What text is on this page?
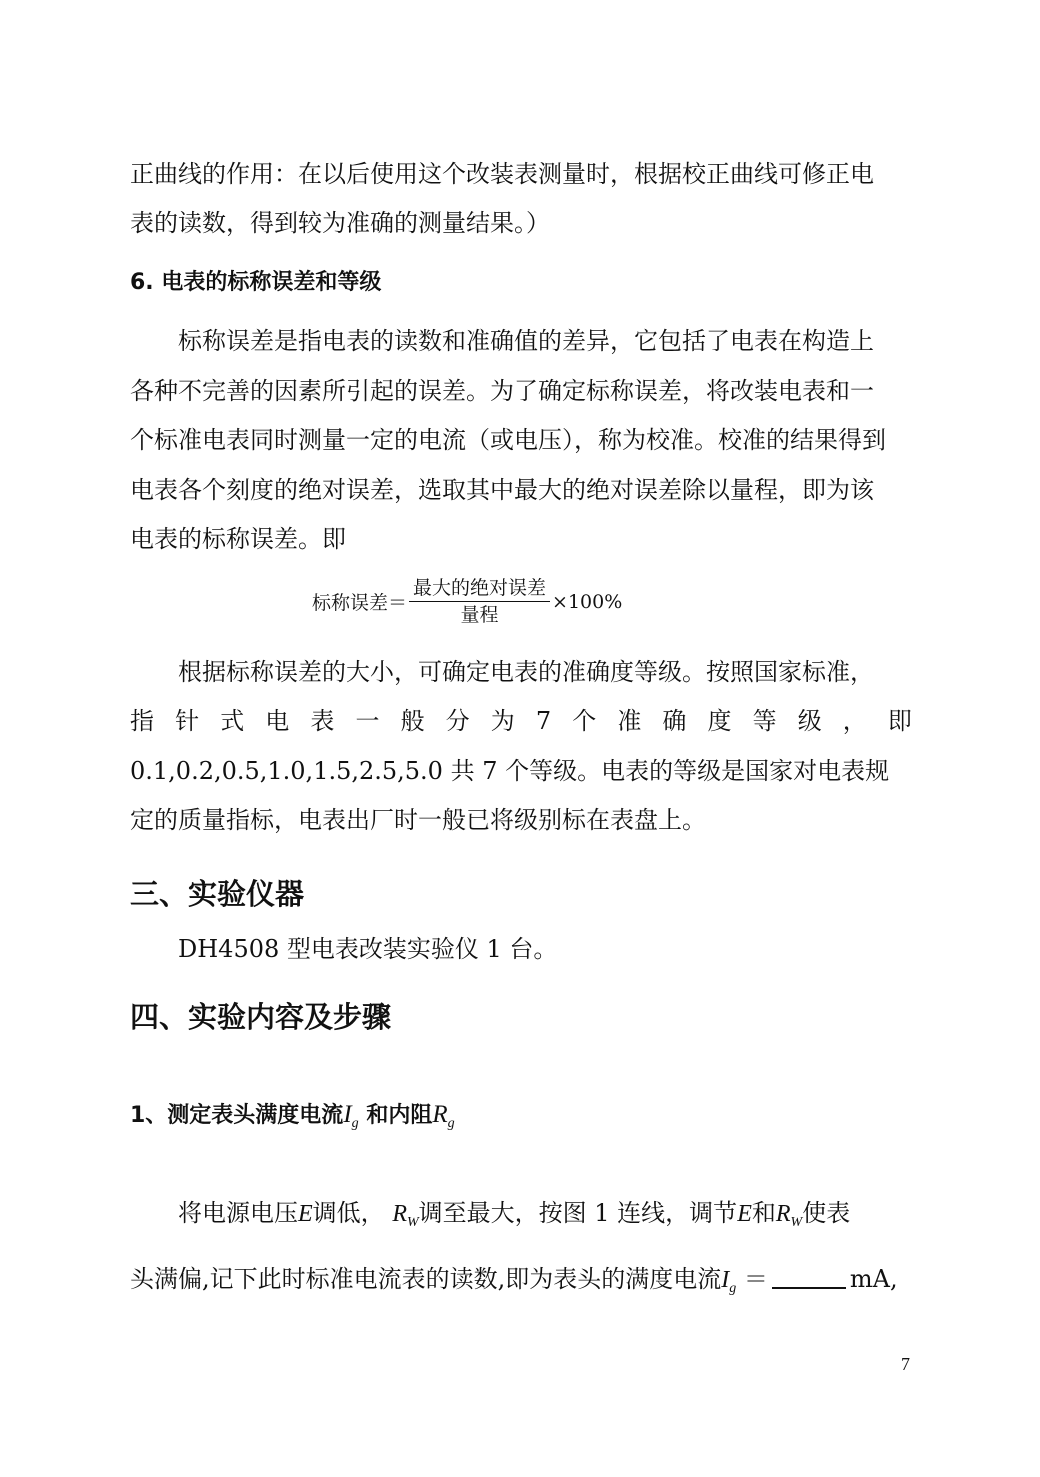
正曲线的作用：在以后使用这个改装表测量时，根据校正曲线可修正电
表的读数，得到较为准确的测量结果。）
6. 电表的标称误差和等级
标称误差是指电表的读数和准确值的差异，它包括了电表在构造上
各种不完善的因素所引起的误差。为了确定标称误差，将改装电表和一
个标准电表同时测量一定的电流（或电压），称为校准。校准的结果得到
电表各个刻度的绝对误差，选取其中最大的绝对误差除以量程，即为该
电表的标称误差。即
标称误差＝ $\frac{\text{最大的绝对误差}}{\text{量程}} \times 100\%$
根据标称误差的大小，可确定电表的准确度等级。按照国家标准，
指 针 式 电 表 一 般 分 为 7 个 准 确 度 等 级 ， 即
0.1,0.2,0.5,1.0,1.5,2.5,5.0 共 7 个等级。电表的等级是国家对电表规
定的质量指标，电表出厂时一般已将级别标在表盘上。
三、实验仪器
DH4508 型电表改装实验仪 1 台。
四、实验内容及步骤
1、测定表头满度电流$I_g$ 和内阻$R_g$
将电源电压E调低， $R_W$调至最大，按图 1 连线，调节E和$R_W$使表
头满偏,记下此时标准电流表的读数,即为表头的满度电流$I_g$ ＝	mA,
7
